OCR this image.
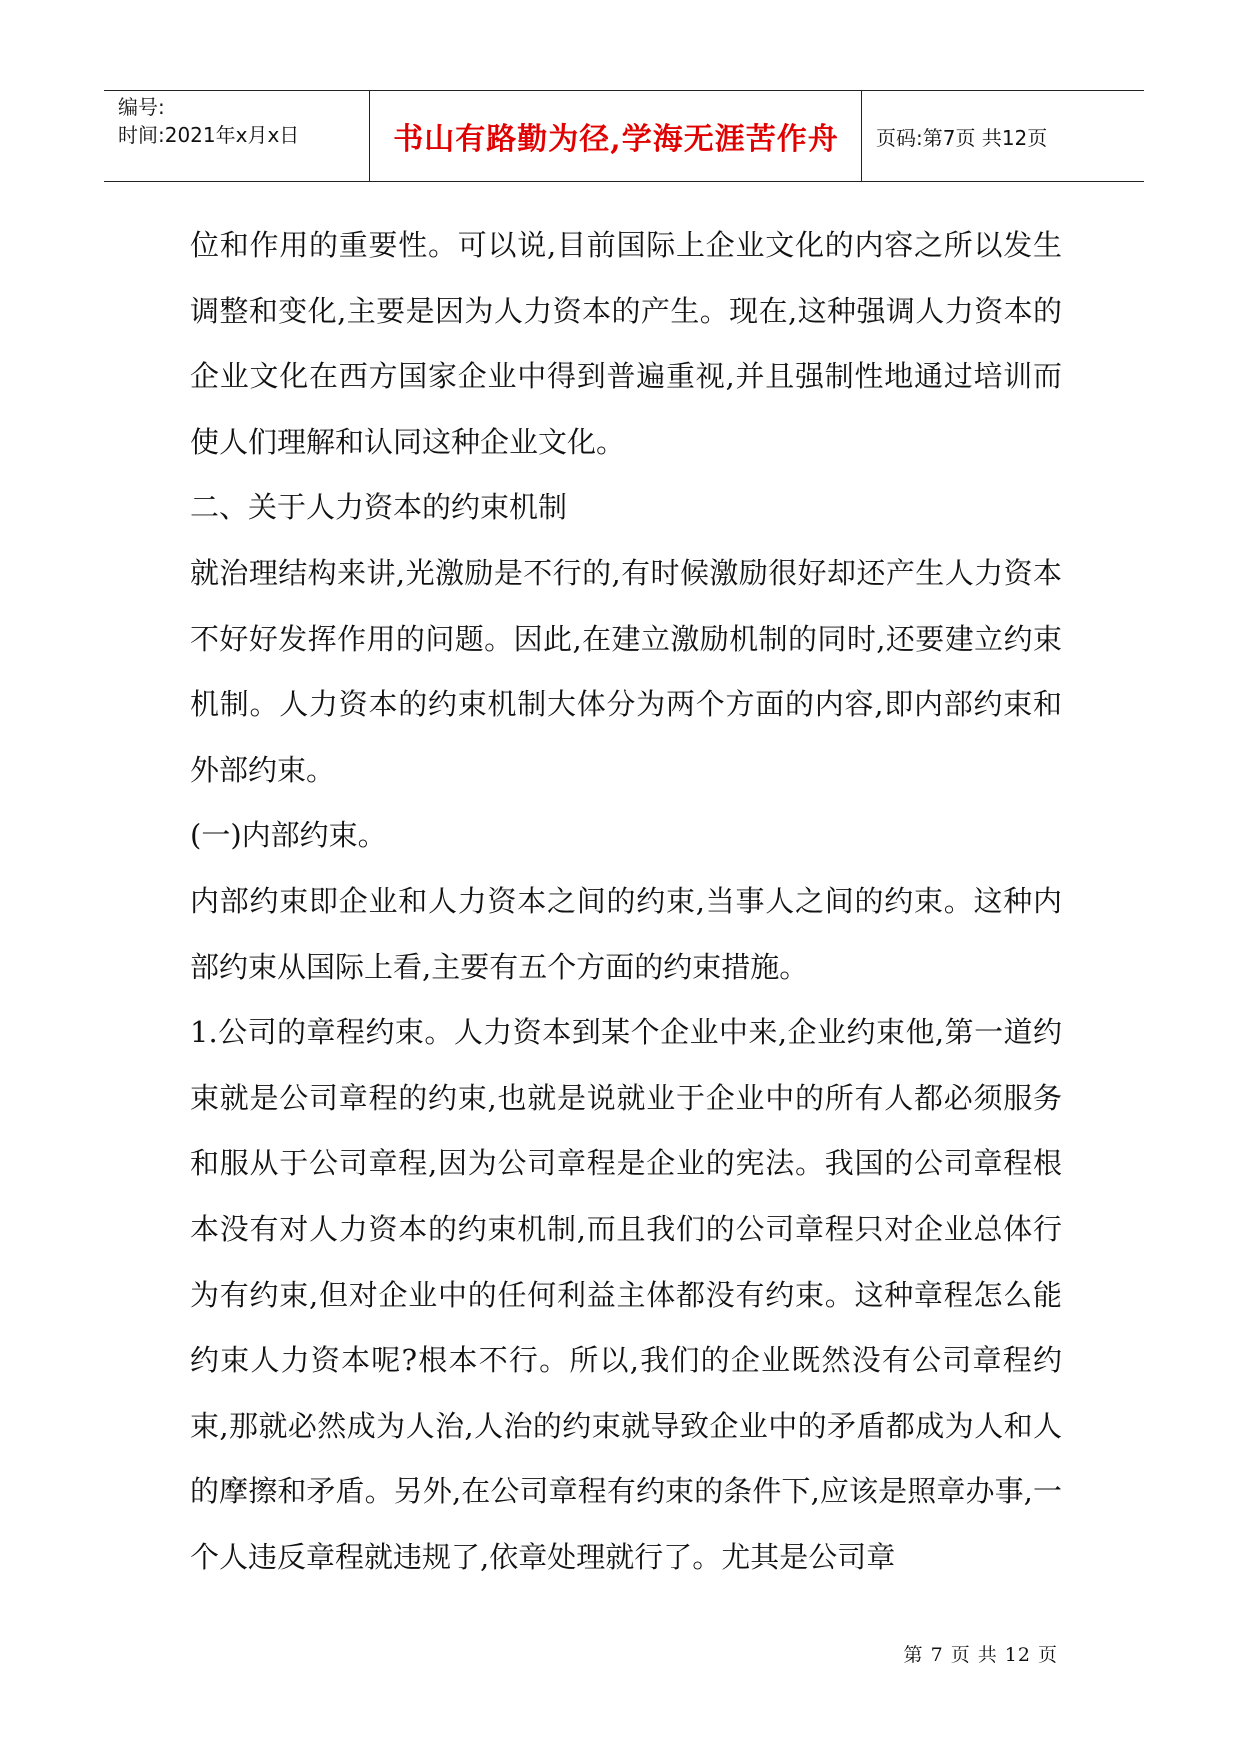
编号:
时间:2021年x月x日	书山有路勤为径,学海无涯苦作舟	页码:第7页 共12页

位和作用的重要性。可以说,目前国际上企业文化的内容之所以发生调整和变化,主要是因为人力资本的产生。现在,这种强调人力资本的企业文化在西方国家企业中得到普遍重视,并且强制性地通过培训而使人们理解和认同这种企业文化。

二、关于人力资本的约束机制

就治理结构来讲,光激励是不行的,有时候激励很好却还产生人力资本不好好发挥作用的问题。因此,在建立激励机制的同时,还要建立约束机制。人力资本的约束机制大体分为两个方面的内容,即内部约束和外部约束。

(一)内部约束。

内部约束即企业和人力资本之间的约束,当事人之间的约束。这种内部约束从国际上看,主要有五个方面的约束措施。

1.公司的章程约束。人力资本到某个企业中来,企业约束他,第一道约束就是公司章程的约束,也就是说就业于企业中的所有人都必须服务和服从于公司章程,因为公司章程是企业的宪法。我国的公司章程根本没有对人力资本的约束机制,而且我们的公司章程只对企业总体行为有约束,但对企业中的任何利益主体都没有约束。这种章程怎么能约束人力资本呢?根本不行。所以,我们的企业既然没有公司章程约束,那就必然成为人治,人治的约束就导致企业中的矛盾都成为人和人的摩擦和矛盾。另外,在公司章程有约束的条件下,应该是照章办事,一个人违反章程就违规了,依章处理就行了。尤其是公司章

第 7 页 共 12 页
